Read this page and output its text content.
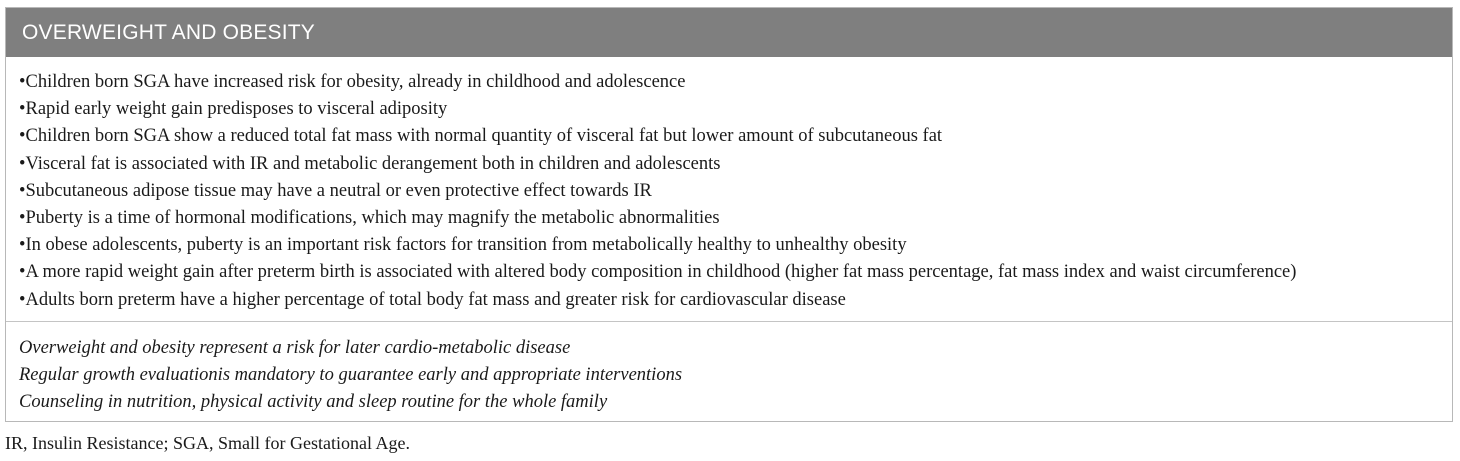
OVERWEIGHT AND OBESITY
•Children born SGA have increased risk for obesity, already in childhood and adolescence
•Rapid early weight gain predisposes to visceral adiposity
•Children born SGA show a reduced total fat mass with normal quantity of visceral fat but lower amount of subcutaneous fat
•Visceral fat is associated with IR and metabolic derangement both in children and adolescents
•Subcutaneous adipose tissue may have a neutral or even protective effect towards IR
•Puberty is a time of hormonal modifications, which may magnify the metabolic abnormalities
•In obese adolescents, puberty is an important risk factors for transition from metabolically healthy to unhealthy obesity
•A more rapid weight gain after preterm birth is associated with altered body composition in childhood (higher fat mass percentage, fat mass index and waist circumference)
•Adults born preterm have a higher percentage of total body fat mass and greater risk for cardiovascular disease
Overweight and obesity represent a risk for later cardio-metabolic disease
Regular growth evaluationis mandatory to guarantee early and appropriate interventions
Counseling in nutrition, physical activity and sleep routine for the whole family
IR, Insulin Resistance; SGA, Small for Gestational Age.
